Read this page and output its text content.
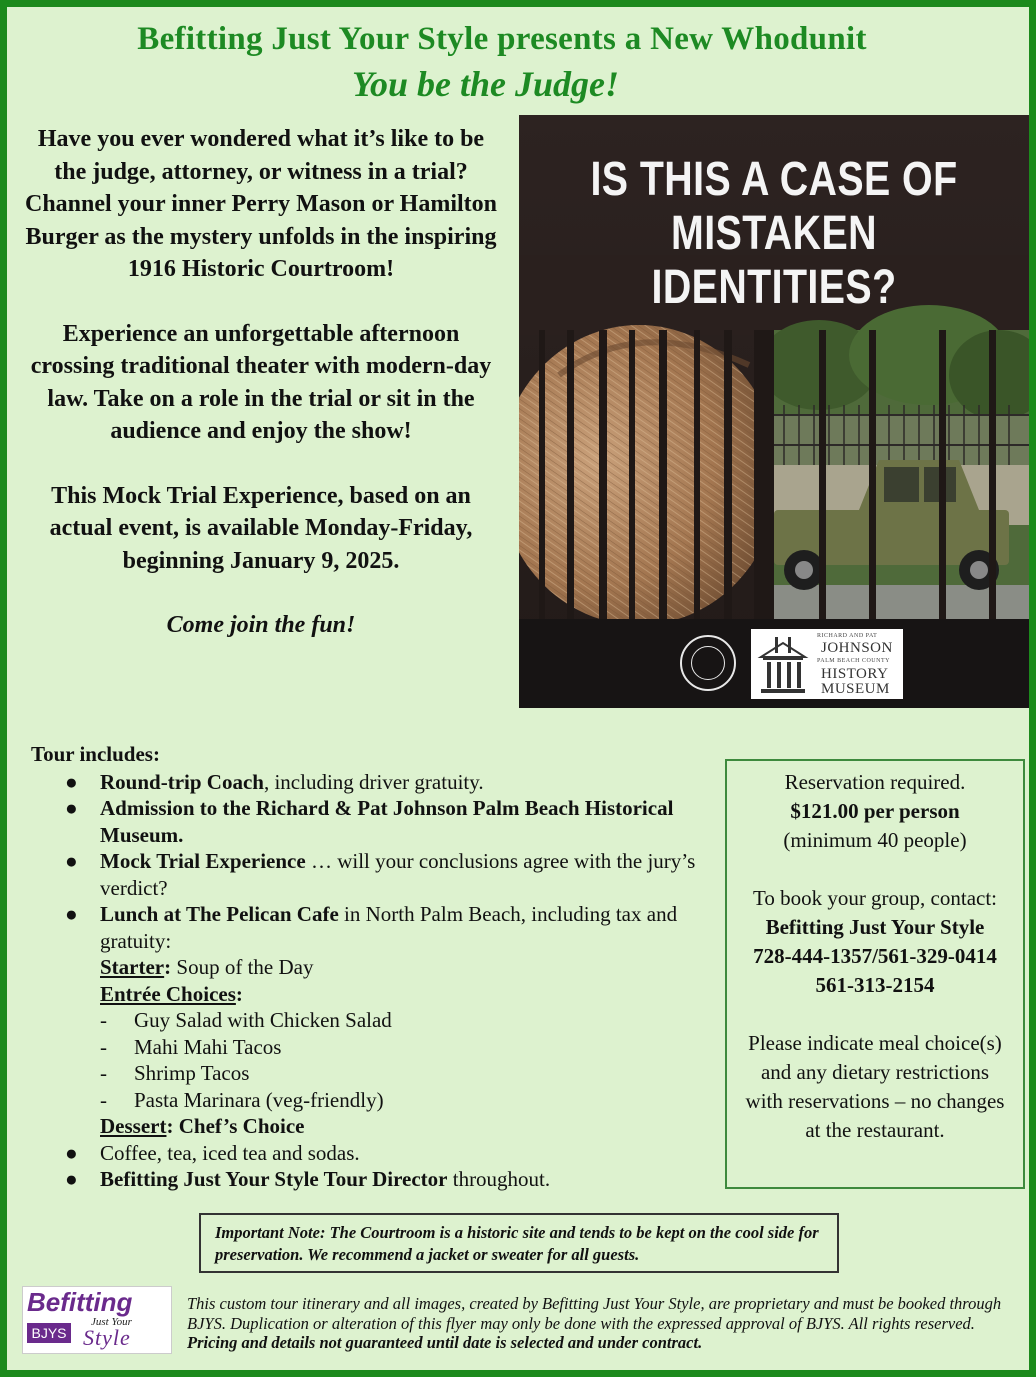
Befitting Just Your Style presents a New Whodunit
You be the Judge!

Have you ever wondered what it’s like to be the judge, attorney, or witness in a trial? Channel your inner Perry Mason or Hamilton Burger as the mystery unfolds in the inspiring 1916 Historic Courtroom!

Experience an unforgettable afternoon crossing traditional theater with modern-day law. Take on a role in the trial or sit in the audience and enjoy the show!

This Mock Trial Experience, based on an actual event, is available Monday-Friday, beginning January 9, 2025.

Come join the fun!

IS THIS A CASE OF
MISTAKEN IDENTITIES?
RICHARD AND PAT
JOHNSON
PALM BEACH COUNTY
HISTORY
MUSEUM
Tour includes:
● Round-trip Coach, including driver gratuity.
● Admission to the Richard & Pat Johnson Palm Beach Historical Museum.
● Mock Trial Experience … will your conclusions agree with the jury’s verdict?
● Lunch at The Pelican Cafe in North Palm Beach, including tax and gratuity:
Starter: Soup of the Day
Entrée Choices:
-	Guy Salad with Chicken Salad
-	Mahi Mahi Tacos
-	Shrimp Tacos
-	Pasta Marinara (veg-friendly)
Dessert: Chef’s Choice
● Coffee, tea, iced tea and sodas.
● Befitting Just Your Style Tour Director throughout.
Reservation required.
$121.00 per person

(minimum 40 people)

To book your group, contact:
Befitting Just Your Style
728-444-1357/561-329-0414

561-313-2154

Please indicate meal choice(s) and any dietary restrictions with reservations – no changes at the restaurant.
Important Note: The Courtroom is a historic site and tends to be kept on the cool side for preservation. We recommend a jacket or sweater for all guests.
Befitting
BJYS
Just Your
Style
This custom tour itinerary and all images, created by Befitting Just Your Style, are proprietary and must be booked through BJYS. Duplication or alteration of this flyer may only be done with the expressed approval of BJYS. All rights reserved. Pricing and details not guaranteed until date is selected and under contract.
